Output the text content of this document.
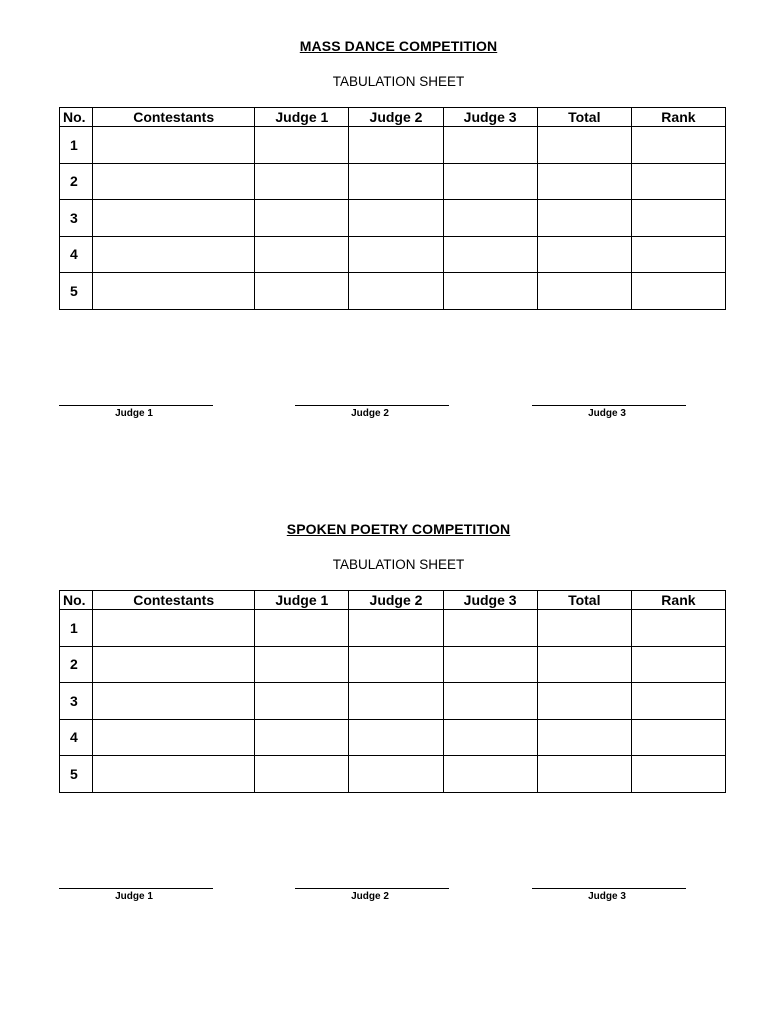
MASS DANCE COMPETITION
TABULATION SHEET
No.	Contestants	Judge 1	Judge 2	Judge 3	Total	Rank
1						
2						
3						
4						
5						
Judge 1	Judge 2	Judge 3
SPOKEN POETRY COMPETITION
TABULATION SHEET
No.	Contestants	Judge 1	Judge 2	Judge 3	Total	Rank
1						
2						
3						
4						
5						
Judge 1	Judge 2	Judge 3
